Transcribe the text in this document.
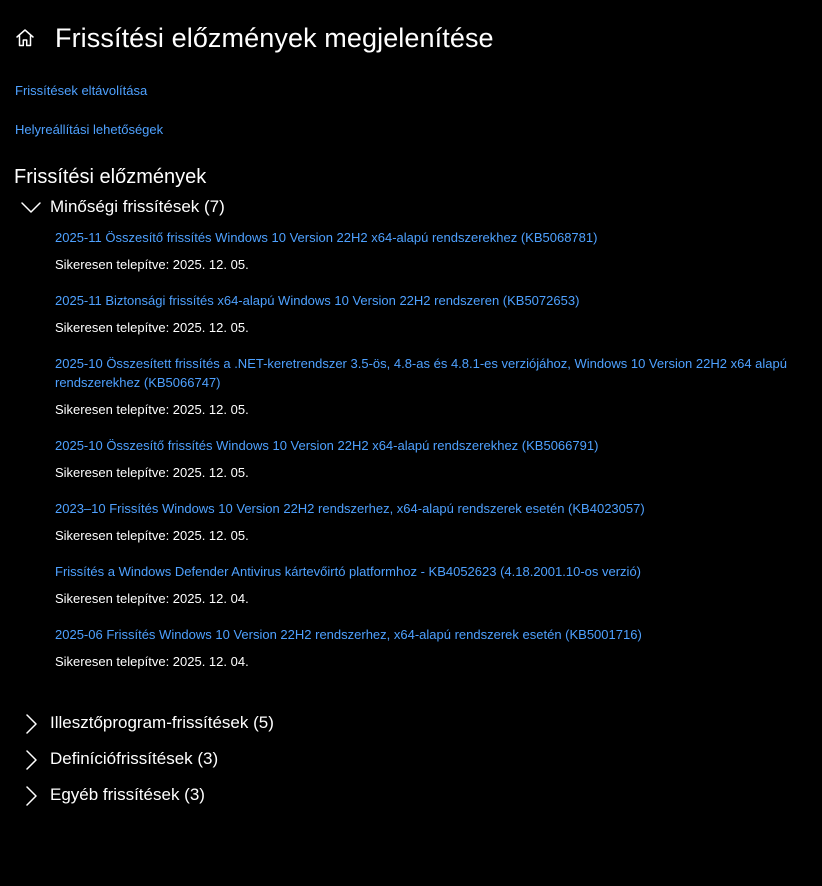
Frissítési előzmények megjelenítése
Frissítések eltávolítása
Helyreállítási lehetőségek
Frissítési előzmények
Minőségi frissítések (7)
2025-11 Összesítő frissítés Windows 10 Version 22H2 x64-alapú rendszerekhez (KB5068781)
Sikeresen telepítve: 2025. 12. 05.
2025-11 Biztonsági frissítés x64-alapú Windows 10 Version 22H2 rendszeren (KB5072653)
Sikeresen telepítve: 2025. 12. 05.
2025-10 Összesített frissítés a .NET-keretrendszer 3.5-ös, 4.8-as és 4.8.1-es verziójához, Windows 10 Version 22H2 x64 alapú rendszerekhez (KB5066747)
Sikeresen telepítve: 2025. 12. 05.
2025-10 Összesítő frissítés Windows 10 Version 22H2 x64-alapú rendszerekhez (KB5066791)
Sikeresen telepítve: 2025. 12. 05.
2023–10 Frissítés Windows 10 Version 22H2 rendszerhez, x64-alapú rendszerek esetén (KB4023057)
Sikeresen telepítve: 2025. 12. 05.
Frissítés a Windows Defender Antivirus kártevőirtó platformhoz - KB4052623 (4.18.2001.10-os verzió)
Sikeresen telepítve: 2025. 12. 04.
2025-06 Frissítés Windows 10 Version 22H2 rendszerhez, x64-alapú rendszerek esetén (KB5001716)
Sikeresen telepítve: 2025. 12. 04.
Illesztőprogram-frissítések (5)
Definíciófrissítések (3)
Egyéb frissítések (3)
